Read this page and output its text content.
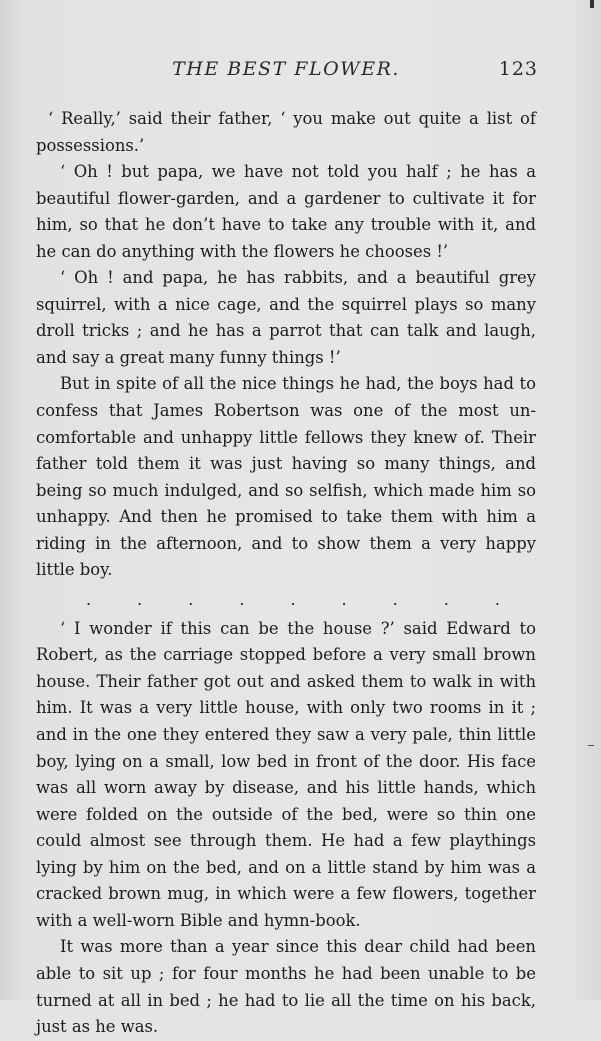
THE BEST FLOWER.	123

‘ Really,’ said their father, ‘ you make out quite a list of possessions.’

‘ Oh ! but papa, we have not told you half ; he has a beautiful flower-garden, and a gardener to cultivate it for him, so that he don’t have to take any trouble with it, and he can do anything with the flowers he chooses !’

‘ Oh ! and papa, he has rabbits, and a beautiful grey squirrel, with a nice cage, and the squirrel plays so many droll tricks ; and he has a parrot that can talk and laugh, and say a great many funny things !’

But in spite of all the nice things he had, the boys had to confess that James Robertson was one of the most un-comfortable and unhappy little fellows they knew of. Their father told them it was just having so many things, and being so much indulged, and so selfish, which made him so unhappy. And then he promised to take them with him a riding in the afternoon, and to show them a very happy little boy.

.	.	.	.	.	.	.	.	.

‘ I wonder if this can be the house ?’ said Edward to Robert, as the carriage stopped before a very small brown house. Their father got out and asked them to walk in with him. It was a very little house, with only two rooms in it ; and in the one they entered they saw a very pale, thin little boy, lying on a small, low bed in front of the door. His face was all worn away by disease, and his little hands, which were folded on the outside of the bed, were so thin one could almost see through them. He had a few playthings lying by him on the bed, and on a little stand by him was a cracked brown mug, in which were a few flowers, together with a well-worn Bible and hymn-book.

It was more than a year since this dear child had been able to sit up ; for four months he had been unable to be turned at all in bed ; he had to lie all the time on his back, just as he was.
